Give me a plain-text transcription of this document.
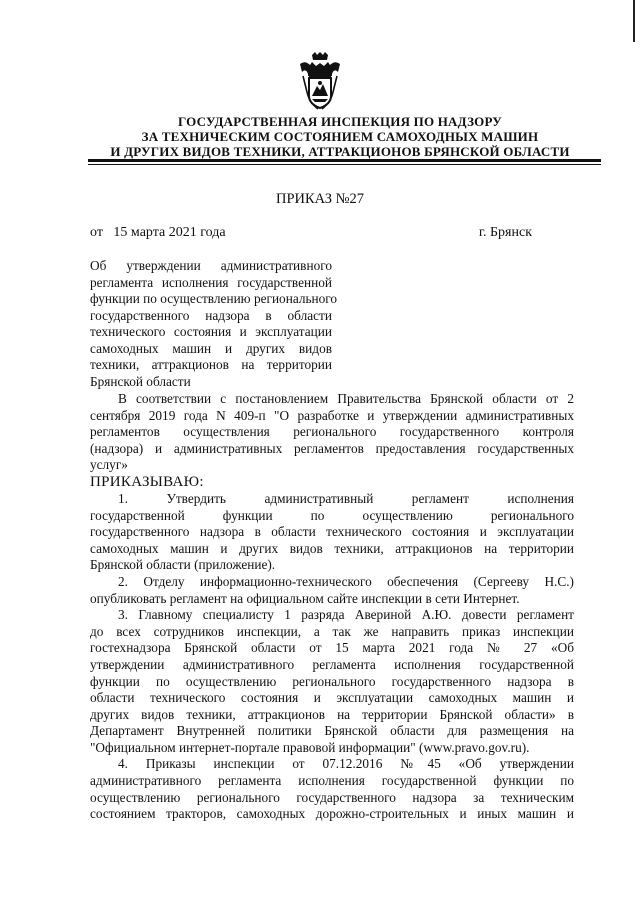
ГОСУДАРСТВЕННАЯ ИНСПЕКЦИЯ ПО НАДЗОРУ
ЗА ТЕХНИЧЕСКИМ СОСТОЯНИЕМ САМОХОДНЫХ МАШИН
И ДРУГИХ ВИДОВ ТЕХНИКИ, АТТРАКЦИОНОВ БРЯНСКОЙ ОБЛАСТИ
ПРИКАЗ №27
от   15 марта 2021 года	г. Брянск
Об утверждении административного
регламента исполнения государственной
функции по осуществлению регионального
государственного надзора в области
технического состояния и эксплуатации
самоходных машин и других видов
техники, аттракционов на территории
Брянской области
В соответствии с постановлением Правительства Брянской области от 2
сентября 2019 года N 409-п "О разработке и утверждении административных
регламентов осуществления регионального государственного контроля
(надзора) и административных регламентов предоставления государственных
услуг»
ПРИКАЗЫВАЮ:
1. Утвердить административный регламент исполнения
государственной функции по осуществлению регионального
государственного надзора в области технического состояния и эксплуатации
самоходных машин и других видов техники, аттракционов на территории
Брянской области (приложение).
2. Отделу информационно-технического обеспечения (Сергееву Н.С.)
опубликовать регламент на официальном сайте инспекции в сети Интернет.
3. Главному специалисту 1 разряда Авериной А.Ю. довести регламент
до всех сотрудников инспекции, а так же направить приказ инспекции
гостехнадзора Брянской области от 15 марта 2021 года № 27 «Об
утверждении административного регламента исполнения государственной
функции по осуществлению регионального государственного надзора в
области технического состояния и эксплуатации самоходных машин и
других видов техники, аттракционов на территории Брянской области» в
Департамент Внутренней политики Брянской области для размещения на
"Официальном интернет-портале правовой информации" (www.pravo.gov.ru).
4. Приказы инспекции от 07.12.2016 №45 «Об утверждении
административного регламента исполнения государственной функции по
осуществлению регионального государственного надзора за техническим
состоянием тракторов, самоходных дорожно-строительных и иных машин и
